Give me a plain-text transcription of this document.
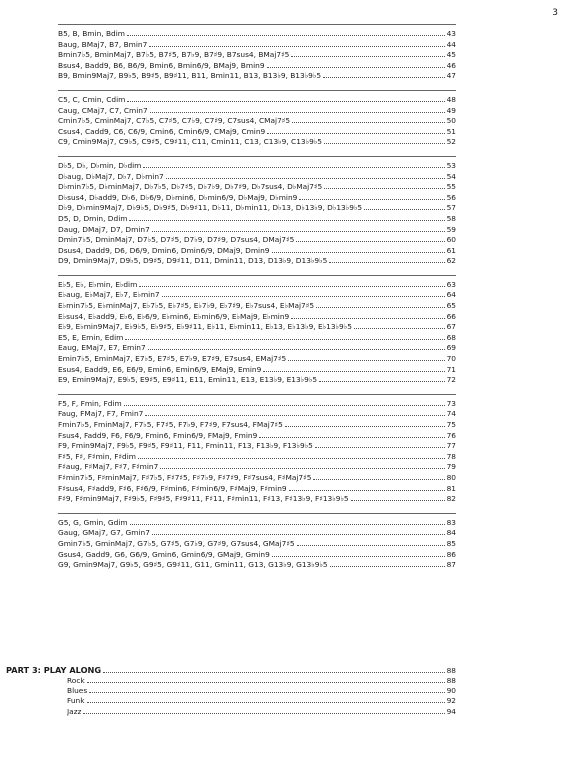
3
B5, B, Bmin, Bdim	43
Baug, BMaj7, B7, Bmin7	44
Bmin7♭5, BminMaj7, B7♭5, B7♯5, B7♭9, B7♯9, B7sus4, BMaj7♯5	45
Bsus4, Badd9, B6, B6/9, Bmin6, Bmin6/9, BMaj9, Bmin9	46
B9, Bmin9Maj7, B9♭5, B9♯5, B9♯11, B11, Bmin11, B13, B13♭9, B13♭9♭5	47
C5, C, Cmin, Cdim	48
Caug, CMaj7, C7, Cmin7	49
Cmin7♭5, CminMaj7, C7♭5, C7♯5, C7♭9, C7♯9, C7sus4, CMaj7♯5	50
Csus4, Cadd9, C6, C6/9, Cmin6, Cmin6/9, CMaj9, Cmin9	51
C9, Cmin9Maj7, C9♭5, C9♯5, C9♯11, C11, Cmin11, C13, C13♭9, C13♭9♭5	52
D♭5, D♭, D♭min, D♭dim	53
D♭aug, D♭Maj7, D♭7, D♭min7	54
D♭min7♭5, D♭minMaj7, D♭7♭5, D♭7♯5, D♭7♭9, D♭7♯9, D♭7sus4, D♭Maj7♯5	55
D♭sus4, D♭add9, D♭6, D♭6/9, D♭min6, D♭min6/9, D♭Maj9, D♭min9	56
D♭9, D♭min9Maj7, D♭9♭5, D♭9♯5, D♭9♯11, D♭11, D♭min11, D♭13, D♭13♭9, D♭13♭9♭5	57
D5, D, Dmin, Ddim	58
Daug, DMaj7, D7, Dmin7	59
Dmin7♭5, DminMaj7, D7♭5, D7♯5, D7♭9, D7♯9, D7sus4, DMaj7♯5	60
Dsus4, Dadd9, D6, D6/9, Dmin6, Dmin6/9, DMaj9, Dmin9	61
D9, Dmin9Maj7, D9♭5, D9♯5, D9♯11, D11, Dmin11, D13, D13♭9, D13♭9♭5	62
E♭5, E♭, E♭min, E♭dim	63
E♭aug, E♭Maj7, E♭7, E♭min7	64
E♭min7♭5, E♭minMaj7, E♭7♭5, E♭7♯5, E♭7♭9, E♭7♯9, E♭7sus4, E♭Maj7♯5	65
E♭sus4, E♭add9, E♭6, E♭6/9, E♭min6, E♭min6/9, E♭Maj9, E♭min9	66
E♭9, E♭min9Maj7, E♭9♭5, E♭9♯5, E♭9♯11, E♭11, E♭min11, E♭13, E♭13♭9, E♭13♭9♭5	67
E5, E, Emin, Edim	68
Eaug, EMaj7, E7, Emin7	69
Emin7♭5, EminMaj7, E7♭5, E7♯5, E7♭9, E7♯9, E7sus4, EMaj7♯5	70
Esus4, Eadd9, E6, E6/9, Emin6, Emin6/9, EMaj9, Emin9	71
E9, Emin9Maj7, E9♭5, E9♯5, E9♯11, E11, Emin11, E13, E13♭9, E13♭9♭5	72
F5, F, Fmin, Fdim	73
Faug, FMaj7, F7, Fmin7	74
Fmin7♭5, FminMaj7, F7♭5, F7♯5, F7♭9, F7♯9, F7sus4, FMaj7♯5	75
Fsus4, Fadd9, F6, F6/9, Fmin6, Fmin6/9, FMaj9, Fmin9	76
F9, Fmin9Maj7, F9♭5, F9♯5, F9♯11, F11, Fmin11, F13, F13♭9, F13♭9♭5	77
F♯5, F♯, F♯min, F♯dim	78
F♯aug, F♯Maj7, F♯7, F♯min7	79
F♯min7♭5, F♯minMaj7, F♯7♭5, F♯7♯5, F♯7♭9, F♯7♯9, F♯7sus4, F♯Maj7♯5	80
F♯sus4, F♯add9, F♯6, F♯6/9, F♯min6, F♯min6/9, F♯Maj9, F♯min9	81
F♯9, F♯min9Maj7, F♯9♭5, F♯9♯5, F♯9♯11, F♯11, F♯min11, F♯13, F♯13♭9, F♯13♭9♭5	82
G5, G, Gmin, Gdim	83
Gaug, GMaj7, G7, Gmin7	84
Gmin7♭5, GminMaj7, G7♭5, G7♯5, G7♭9, G7♯9, G7sus4, GMaj7♯5	85
Gsus4, Gadd9, G6, G6/9, Gmin6, Gmin6/9, GMaj9, Gmin9	86
G9, Gmin9Maj7, G9♭5, G9♯5, G9♯11, G11, Gmin11, G13, G13♭9, G13♭9♭5	87
PART 3: PLAY ALONG	88
Rock	88
Blues	90
Funk	92
Jazz	94
